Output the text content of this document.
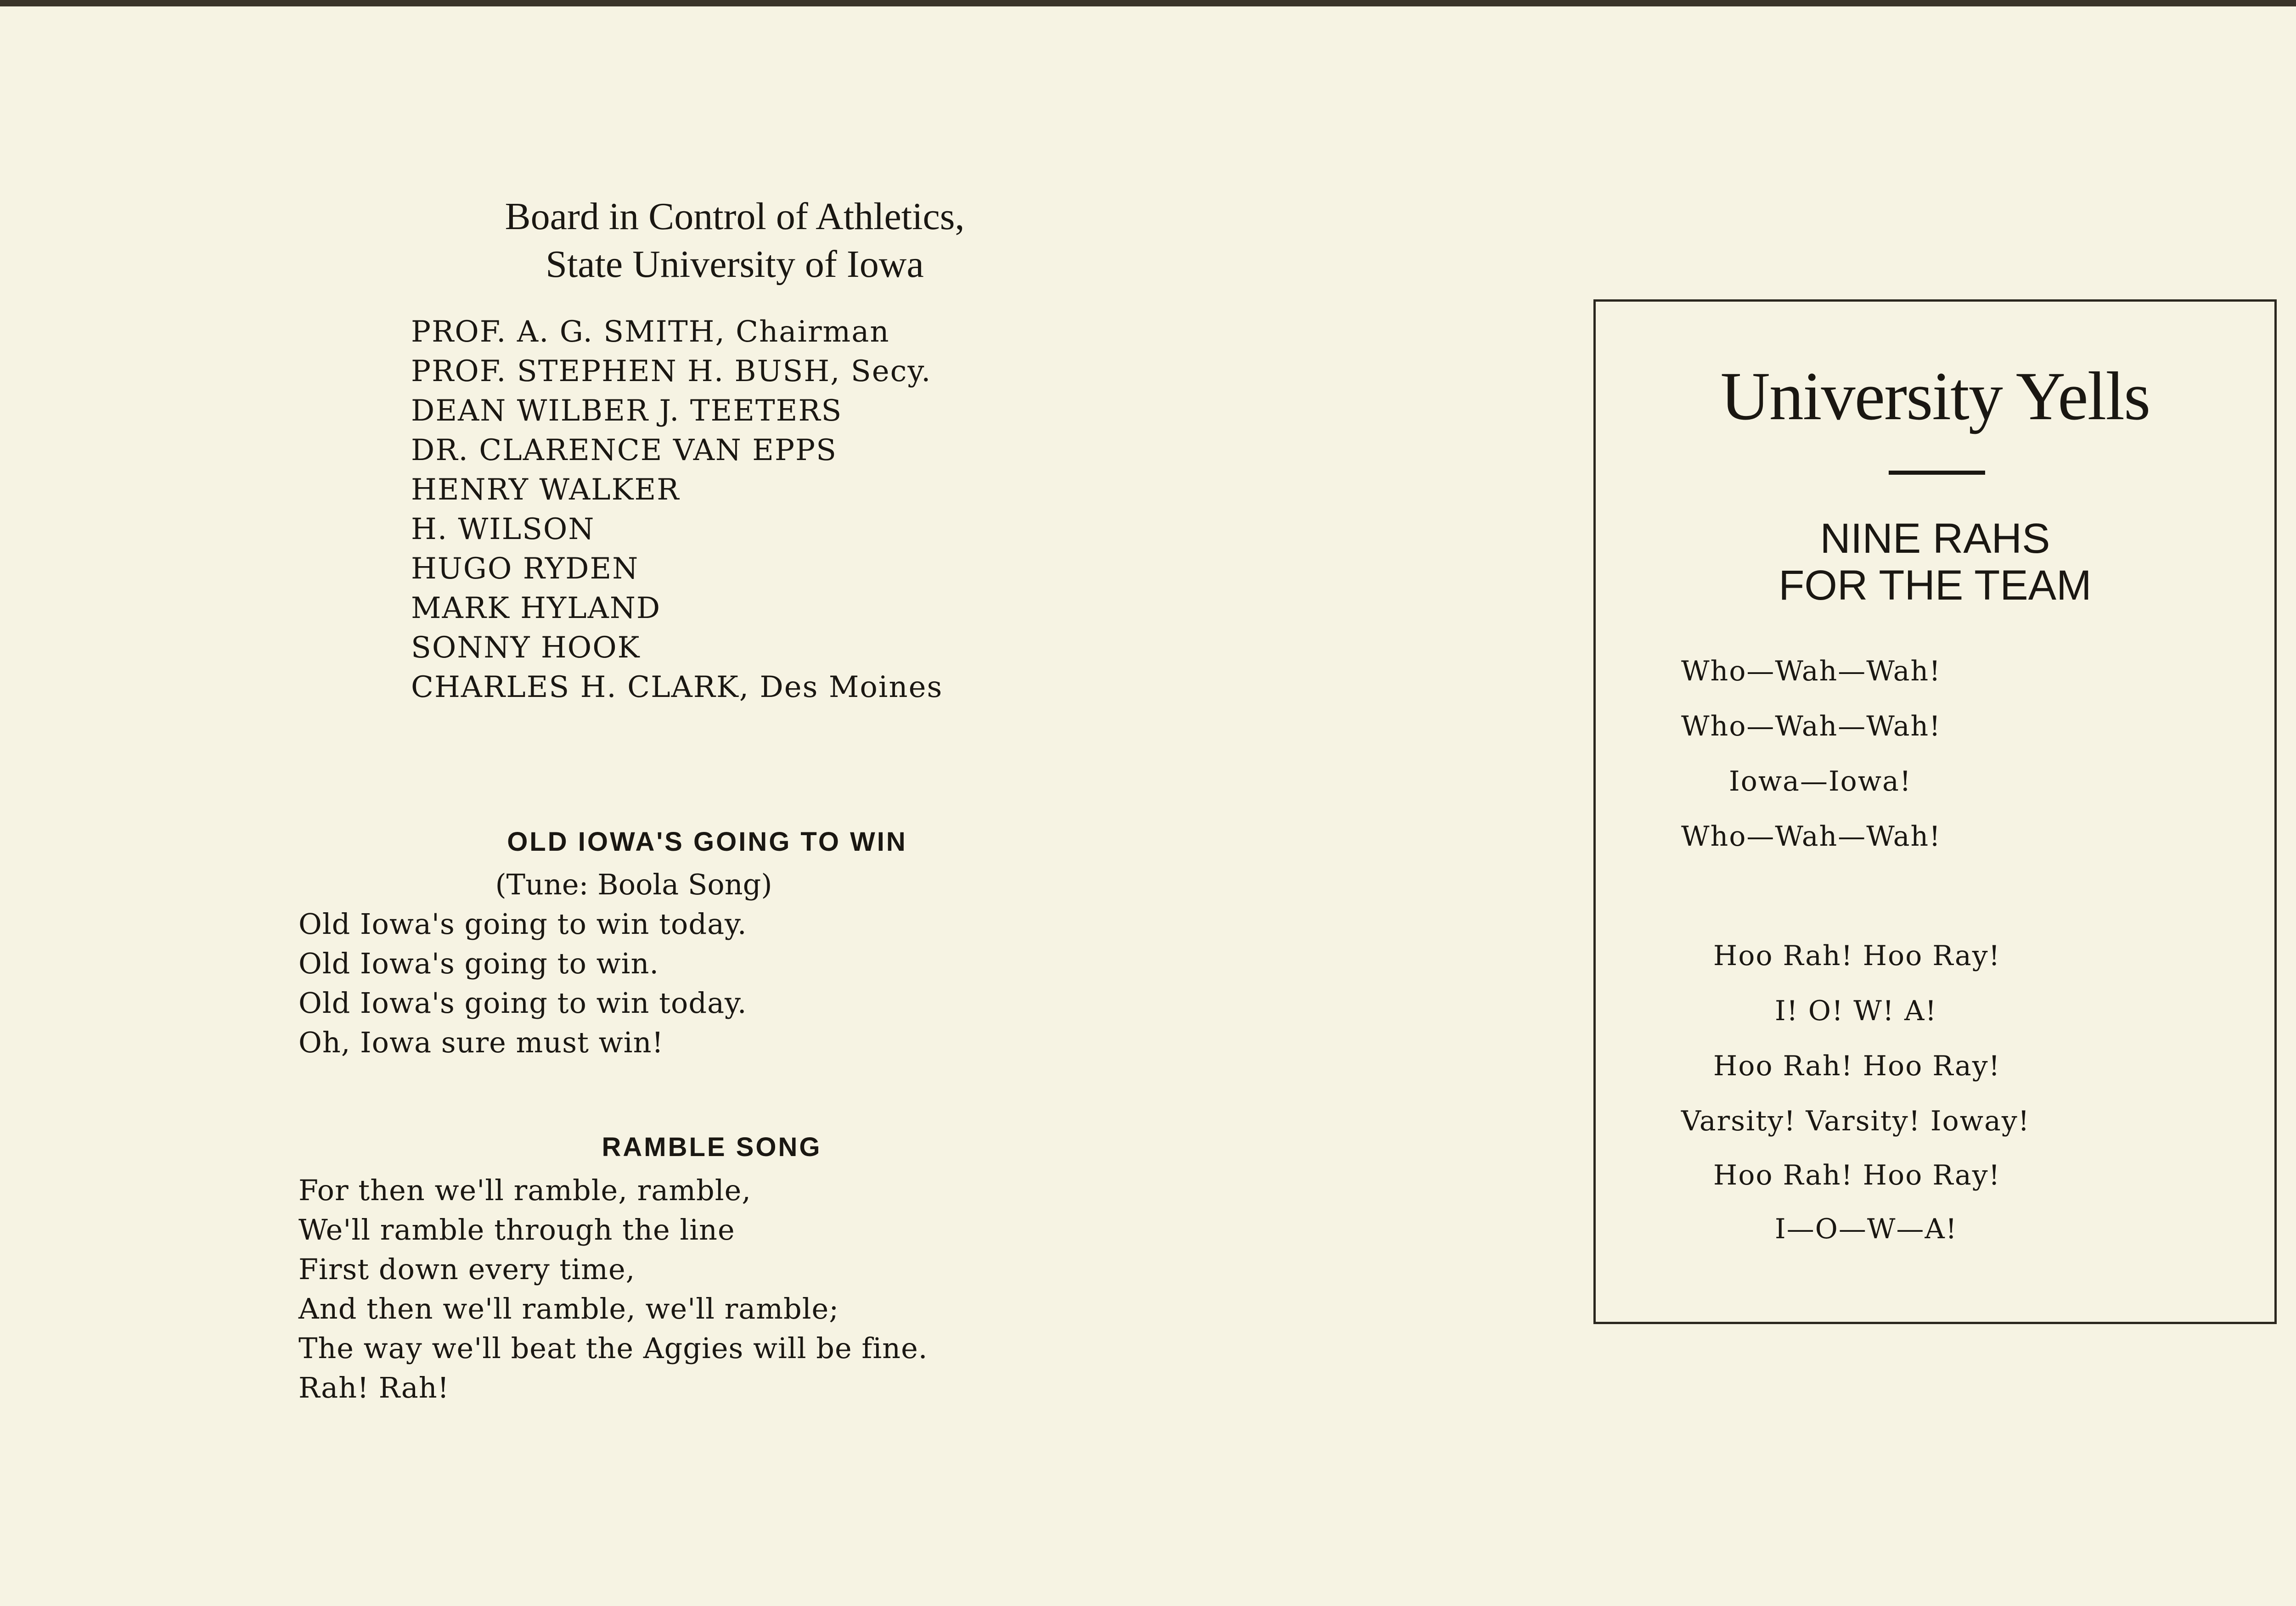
Board in Control of Athletics,
State University of Iowa
PROF. A. G. SMITH, Chairman
PROF. STEPHEN H. BUSH, Secy.
DEAN WILBER J. TEETERS
DR. CLARENCE VAN EPPS
HENRY WALKER
H. WILSON
HUGO RYDEN
MARK HYLAND
SONNY HOOK
CHARLES H. CLARK, Des Moines
OLD IOWA'S GOING TO WIN
(Tune: Boola Song)
Old Iowa's going to win today.
Old Iowa's going to win.
Old Iowa's going to win today.
Oh, Iowa sure must win!
RAMBLE SONG
For then we'll ramble, ramble,
We'll ramble through the line
First down every time,
And then we'll ramble, we'll ramble;
The way we'll beat the Aggies will be fine.
Rah! Rah!
University Yells
NINE RAHS
FOR THE TEAM
Who—Wah—Wah!
Who—Wah—Wah!
Iowa—Iowa!
Who—Wah—Wah!
Hoo Rah! Hoo Ray!
I! O! W! A!
Hoo Rah! Hoo Ray!
Varsity! Varsity! Ioway!
Hoo Rah! Hoo Ray!
I—O—W—A!
